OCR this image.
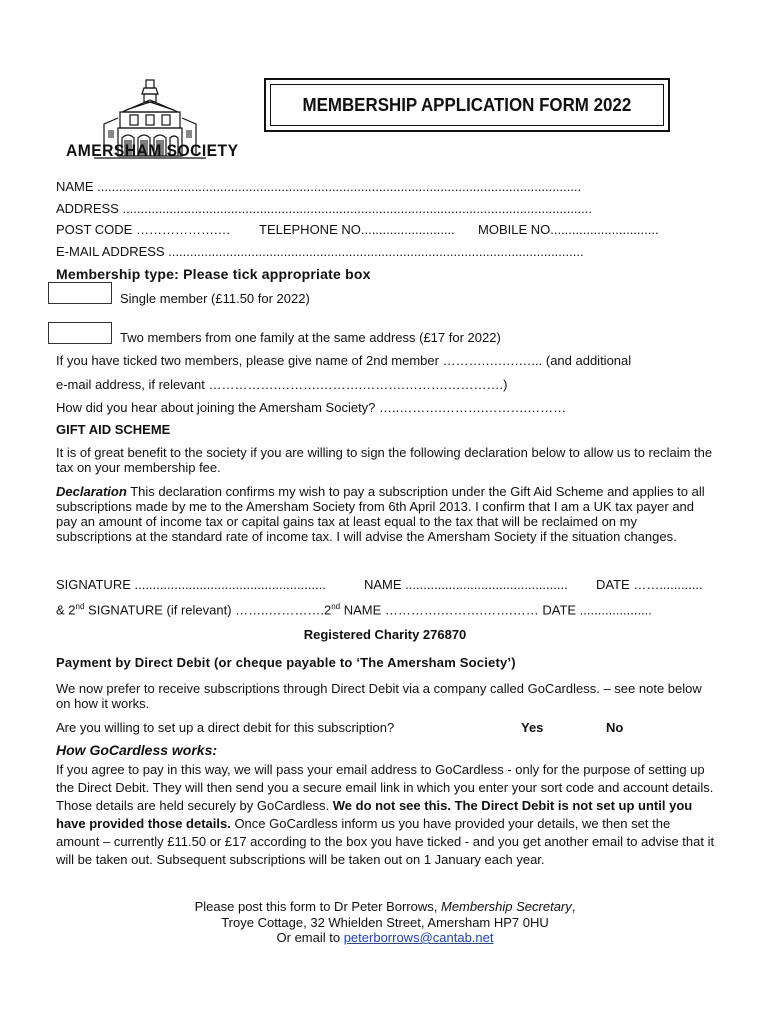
AMERSHAM SOCIETY
MEMBERSHIP APPLICATION FORM 2022
NAME ......................................................................................................................................
ADDRESS ..................................................................................................................................
POST CODE ……………….… TELEPHONE NO.......................... MOBILE NO..............................
E-MAIL ADDRESS ...................................................................................................................
Membership type: Please tick appropriate box
Single member (£11.50 for 2022)
Two members from one family at the same address (£17 for 2022)
If you have ticked two members, please give name of 2nd member ……….….….…... (and additional
e-mail address, if relevant …………….……….……….……….……….………….)
How did you hear about joining the Amersham Society? …..……….……….……….………
GIFT AID SCHEME
It is of great benefit to the society if you are willing to sign the following declaration below to allow us to reclaim the tax on your membership fee.
Declaration This declaration confirms my wish to pay a subscription under the Gift Aid Scheme and applies to all subscriptions made by me to the Amersham Society from 6th April 2013. I confirm that I am a UK tax payer and pay an amount of income tax or capital gains tax at least equal to the tax that will be reclaimed on my subscriptions at the standard rate of income tax. I will advise the Amersham Society if the situation changes.
SIGNATURE .....................................................	NAME ............................................. DATE ……............
& 2nd SIGNATURE (if relevant) ……..………….2nd NAME ………….……….…….…… DATE ....................
Registered Charity 276870
Payment by Direct Debit (or cheque payable to ‘The Amersham Society’)
We now prefer to receive subscriptions through Direct Debit via a company called GoCardless. – see note below on how it works.
Are you willing to set up a direct debit for this subscription?	Yes	No
How GoCardless works:
If you agree to pay in this way, we will pass your email address to GoCardless - only for the purpose of setting up the Direct Debit. They will then send you a secure email link in which you enter your sort code and account details. Those details are held securely by GoCardless. We do not see this. The Direct Debit is not set up until you have provided those details. Once GoCardless inform us you have provided your details, we then set the amount – currently £11.50 or £17 according to the box you have ticked - and you get another email to advise that it will be taken out. Subsequent subscriptions will be taken out on 1 January each year.
Please post this form to Dr Peter Borrows, Membership Secretary,
Troye Cottage, 32 Whielden Street, Amersham HP7 0HU
Or email to peterborrows@cantab.net
